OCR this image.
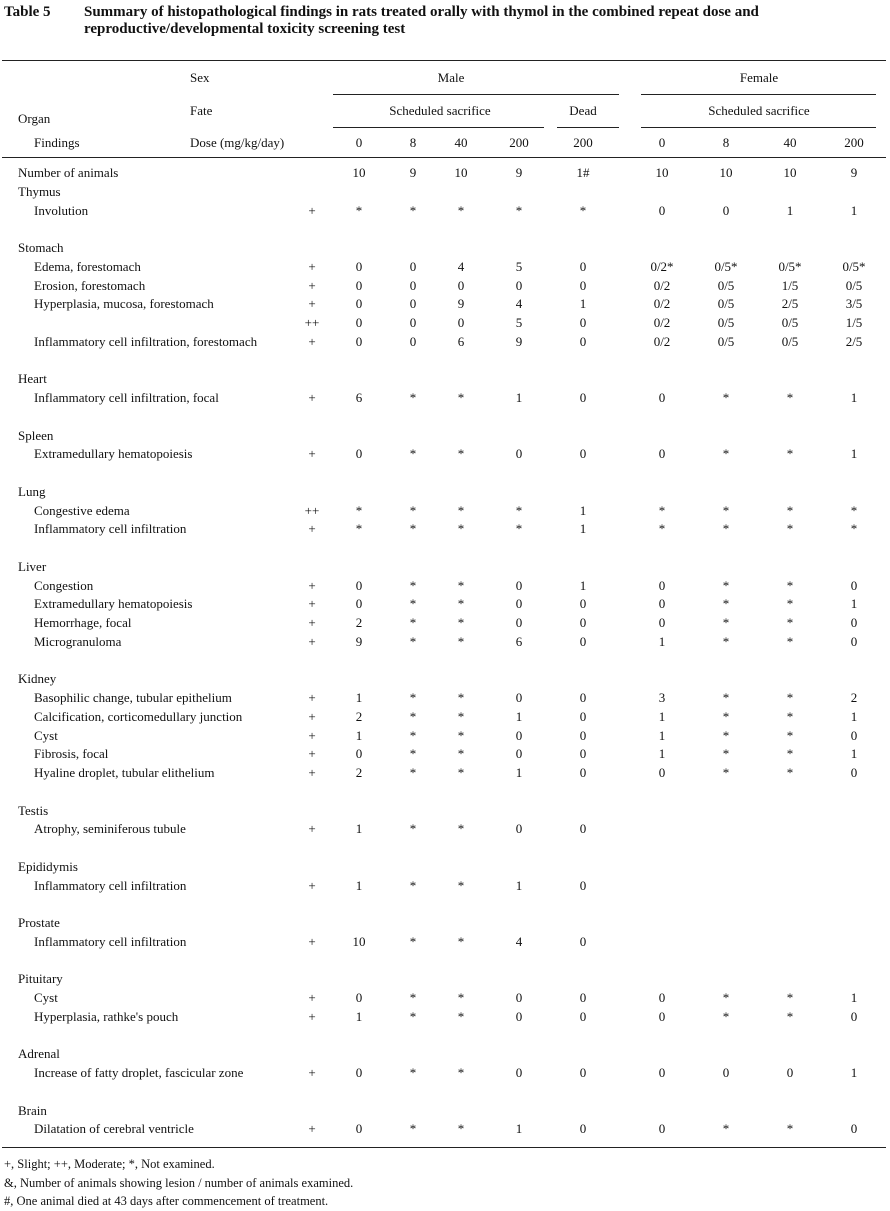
Table 5 Summary of histopathological findings in rats treated orally with thymol in the combined repeat dose and reproductive/developmental toxicity screening test
Sex	Male	Female
Fate
Organ
Scheduled sacrifice	Dead	Scheduled sacrifice
Findings	Dose (mg/kg/day)	0	8	40	200	200	0	8	40	200
Number of animals	10	9	10	9	1#	10	10	10	9
Thymus
Involution	+	*	*	*	*	*	0	0	1	1
Stomach
Edema, forestomach	+	0	0	4	5	0	0/2*	0/5*	0/5*	0/5*
Erosion, forestomach	+	0	0	0	0	0	0/2	0/5	1/5	0/5
Hyperplasia, mucosa, forestomach	+	0	0	9	4	1	0/2	0/5	2/5	3/5
++	0	0	0	5	0	0/2	0/5	0/5	1/5
Inflammatory cell infiltration, forestomach	+	0	0	6	9	0	0/2	0/5	0/5	2/5
Heart
Inflammatory cell infiltration, focal	+	6	*	*	1	0	0	*	*	1
Spleen
Extramedullary hematopoiesis	+	0	*	*	0	0	0	*	*	1
Lung
Congestive edema	++	*	*	*	*	1	*	*	*	*
Inflammatory cell infiltration	+	*	*	*	*	1	*	*	*	*
Liver
Congestion	+	0	*	*	0	1	0	*	*	0
Extramedullary hematopoiesis	+	0	*	*	0	0	0	*	*	1
Hemorrhage, focal	+	2	*	*	0	0	0	*	*	0
Microgranuloma	+	9	*	*	6	0	1	*	*	0
Kidney
Basophilic change, tubular epithelium	+	1	*	*	0	0	3	*	*	2
Calcification, corticomedullary junction	+	2	*	*	1	0	1	*	*	1
Cyst	+	1	*	*	0	0	1	*	*	0
Fibrosis, focal	+	0	*	*	0	0	1	*	*	1
Hyaline droplet, tubular elithelium	+	2	*	*	1	0	0	*	*	0
Testis
Atrophy, seminiferous tubule	+	1	*	*	0	0
Epididymis
Inflammatory cell infiltration	+	1	*	*	1	0
Prostate
Inflammatory cell infiltration	+	10	*	*	4	0
Pituitary
Cyst	+	0	*	*	0	0	0	*	*	1
Hyperplasia, rathke's pouch	+	1	*	*	0	0	0	*	*	0
Adrenal
Increase of fatty droplet, fascicular zone	+	0	*	*	0	0	0	0	0	1
Brain
Dilatation of cerebral ventricle	+	0	*	*	1	0	0	*	*	0
+, Slight; ++, Moderate; *, Not examined.
&, Number of animals showing lesion / number of animals examined.
#, One animal died at 43 days after commencement of treatment.
